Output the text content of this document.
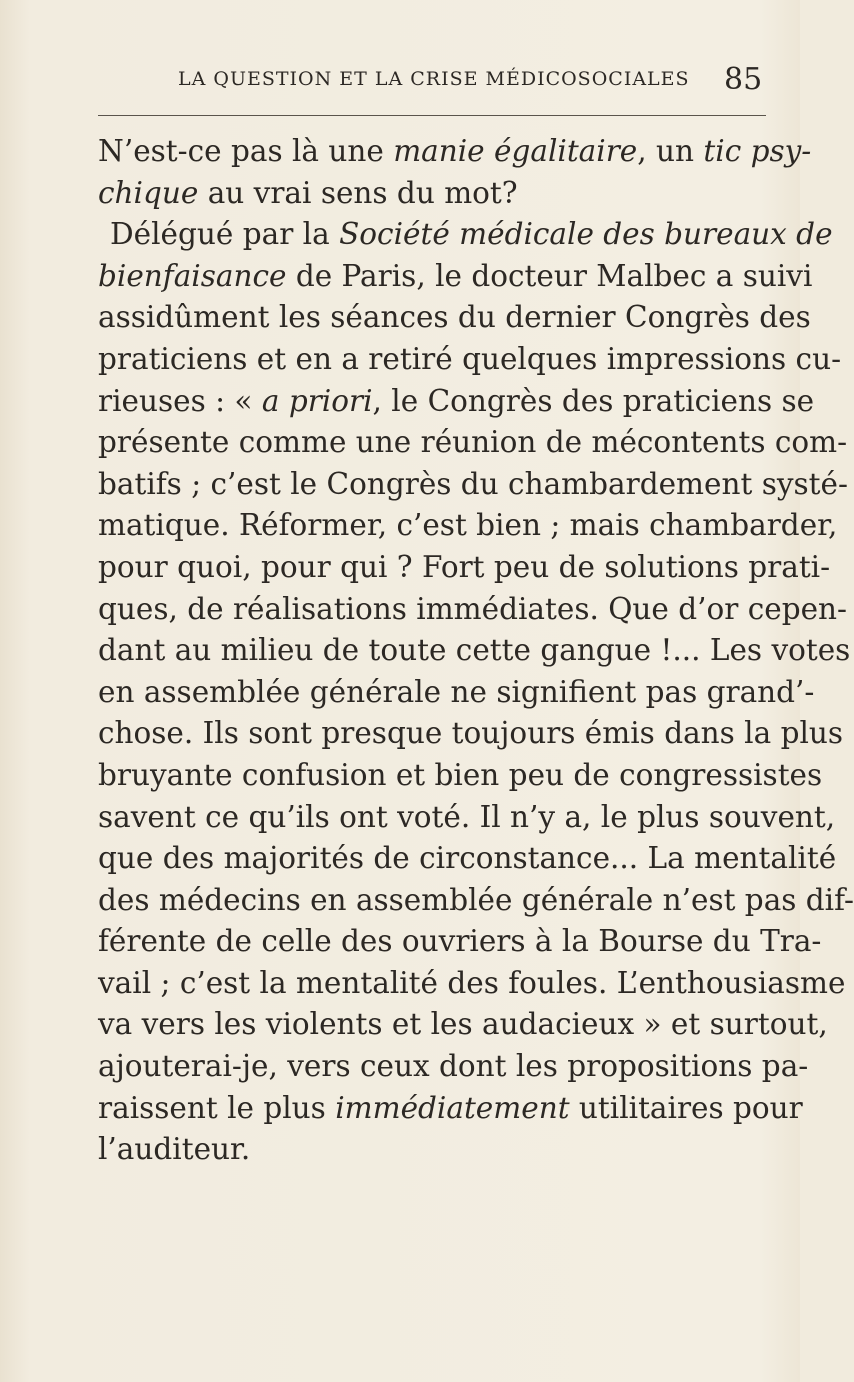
LA QUESTION ET LA CRISE MÉDICOSOCIALES 85
N’est-ce pas là une manie égalitaire, un tic psy-
chique au vrai sens du mot?
Délégué par la Société médicale des bureaux de
bienfaisance de Paris, le docteur Malbec a suivi
assidûment les séances du dernier Congrès des
praticiens et en a retiré quelques impressions cu-
rieuses : « a priori, le Congrès des praticiens se
présente comme une réunion de mécontents com-
batifs ; c’est le Congrès du chambardement systé-
matique. Réformer, c’est bien ; mais chambarder,
pour quoi, pour qui ? Fort peu de solutions prati-
ques, de réalisations immédiates. Que d’or cepen-
dant au milieu de toute cette gangue !... Les votes
en assemblée générale ne signifient pas grand’-
chose. Ils sont presque toujours émis dans la plus
bruyante confusion et bien peu de congressistes
savent ce qu’ils ont voté. Il n’y a, le plus souvent,
que des majorités de circonstance... La mentalité
des médecins en assemblée générale n’est pas dif-
férente de celle des ouvriers à la Bourse du Tra-
vail ; c’est la mentalité des foules. L’enthousiasme
va vers les violents et les audacieux » et surtout,
ajouterai-je, vers ceux dont les propositions pa-
raissent le plus immédiatement utilitaires pour
l’auditeur.
